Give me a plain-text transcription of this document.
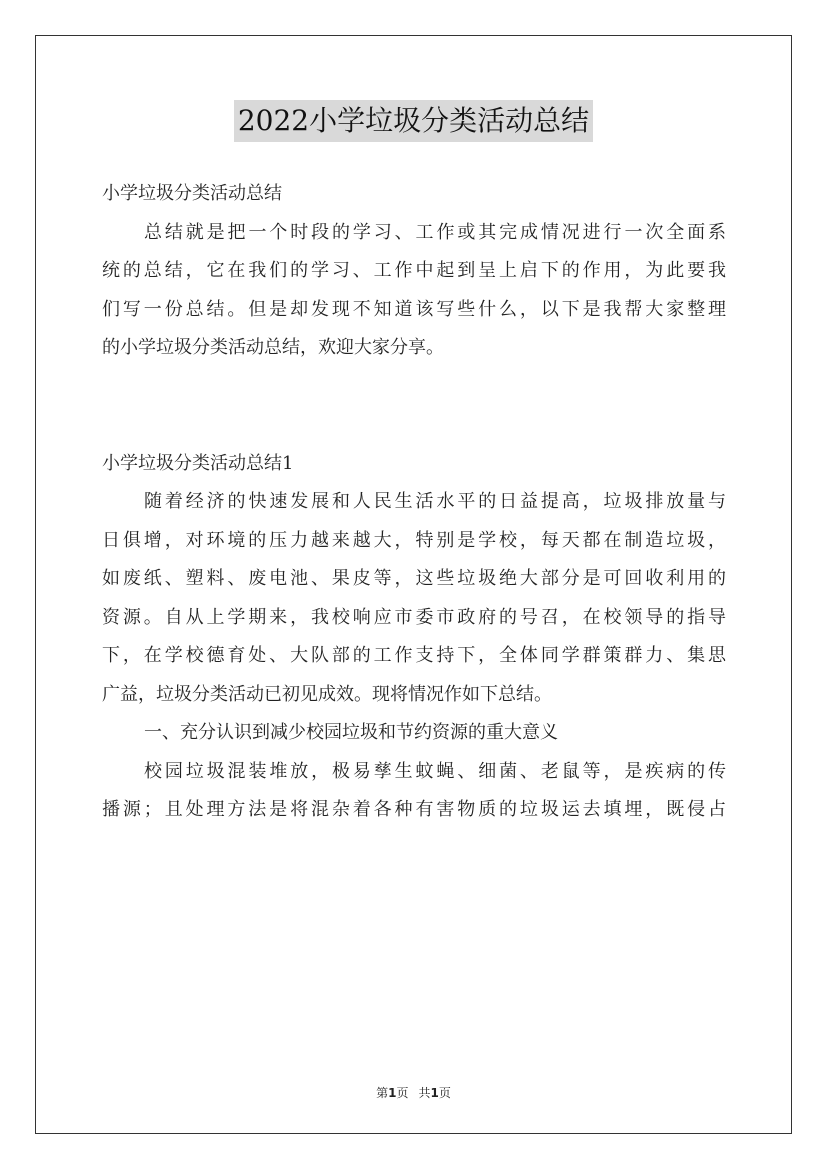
2022小学垃圾分类活动总结
小学垃圾分类活动总结
总结就是把一个时段的学习、工作或其完成情况进行一次全面系
统的总结，它在我们的学习、工作中起到呈上启下的作用，为此要我
们写一份总结。但是却发现不知道该写些什么，以下是我帮大家整理
的小学垃圾分类活动总结，欢迎大家分享。
小学垃圾分类活动总结1
随着经济的快速发展和人民生活水平的日益提高，垃圾排放量与
日俱增，对环境的压力越来越大，特别是学校，每天都在制造垃圾，
如废纸、塑料、废电池、果皮等，这些垃圾绝大部分是可回收利用的
资源。自从上学期来，我校响应市委市政府的号召，在校领导的指导
下，在学校德育处、大队部的工作支持下，全体同学群策群力、集思
广益，垃圾分类活动已初见成效。现将情况作如下总结。
一、充分认识到减少校园垃圾和节约资源的重大意义
校园垃圾混装堆放，极易孳生蚊蝇、细菌、老鼠等，是疾病的传
播源；且处理方法是将混杂着各种有害物质的垃圾运去填埋，既侵占
第1页 共1页
